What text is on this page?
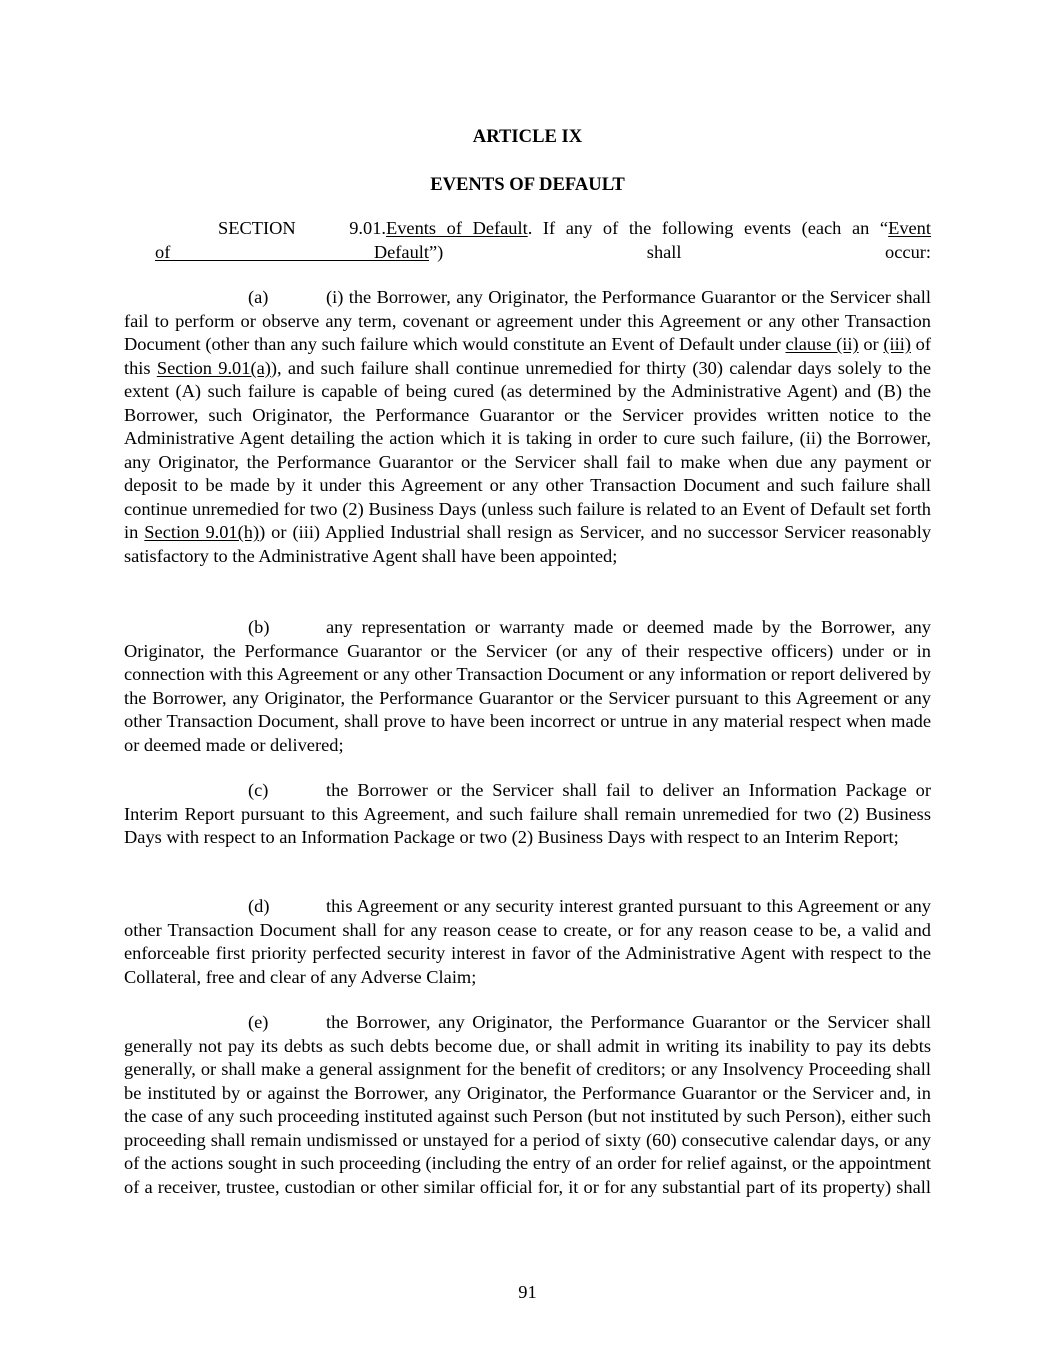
ARTICLE IX
EVENTS OF DEFAULT
SECTION 9.01.Events of Default. If any of the following events (each an “Event
of Default”) shall occur:
(a)	(i) the Borrower, any Originator, the Performance Guarantor or the Servicer shall fail to perform or observe any term, covenant or agreement under this Agreement or any other Transaction Document (other than any such failure which would constitute an Event of Default under clause (ii) or (iii) of this Section 9.01(a)), and such failure shall continue unremedied for thirty (30) calendar days solely to the extent (A) such failure is capable of being cured (as determined by the Administrative Agent) and (B) the Borrower, such Originator, the Performance Guarantor or the Servicer provides written notice to the Administrative Agent detailing the action which it is taking in order to cure such failure, (ii) the Borrower, any Originator, the Performance Guarantor or the Servicer shall fail to make when due any payment or deposit to be made by it under this Agreement or any other Transaction Document and such failure shall continue unremedied for two (2) Business Days (unless such failure is related to an Event of Default set forth in Section 9.01(h)) or (iii) Applied Industrial shall resign as Servicer, and no successor Servicer reasonably satisfactory to the Administrative Agent shall have been appointed;
(b)	any representation or warranty made or deemed made by the Borrower, any Originator, the Performance Guarantor or the Servicer (or any of their respective officers) under or in connection with this Agreement or any other Transaction Document or any information or report delivered by the Borrower, any Originator, the Performance Guarantor or the Servicer pursuant to this Agreement or any other Transaction Document, shall prove to have been incorrect or untrue in any material respect when made or deemed made or delivered;
(c)	the Borrower or the Servicer shall fail to deliver an Information Package or Interim Report pursuant to this Agreement, and such failure shall remain unremedied for two (2) Business Days with respect to an Information Package or two (2) Business Days with respect to an Interim Report;
(d)	this Agreement or any security interest granted pursuant to this Agreement or any other Transaction Document shall for any reason cease to create, or for any reason cease to be, a valid and enforceable first priority perfected security interest in favor of the Administrative Agent with respect to the Collateral, free and clear of any Adverse Claim;
(e)	the Borrower, any Originator, the Performance Guarantor or the Servicer shall generally not pay its debts as such debts become due, or shall admit in writing its inability to pay its debts generally, or shall make a general assignment for the benefit of creditors; or any Insolvency Proceeding shall be instituted by or against the Borrower, any Originator, the Performance Guarantor or the Servicer and, in the case of any such proceeding instituted against such Person (but not instituted by such Person), either such proceeding shall remain undismissed or unstayed for a period of sixty (60) consecutive calendar days, or any of the actions sought in such proceeding (including the entry of an order for relief against, or the appointment of a receiver, trustee, custodian or other similar official for, it or for any substantial part of its property) shall
91
